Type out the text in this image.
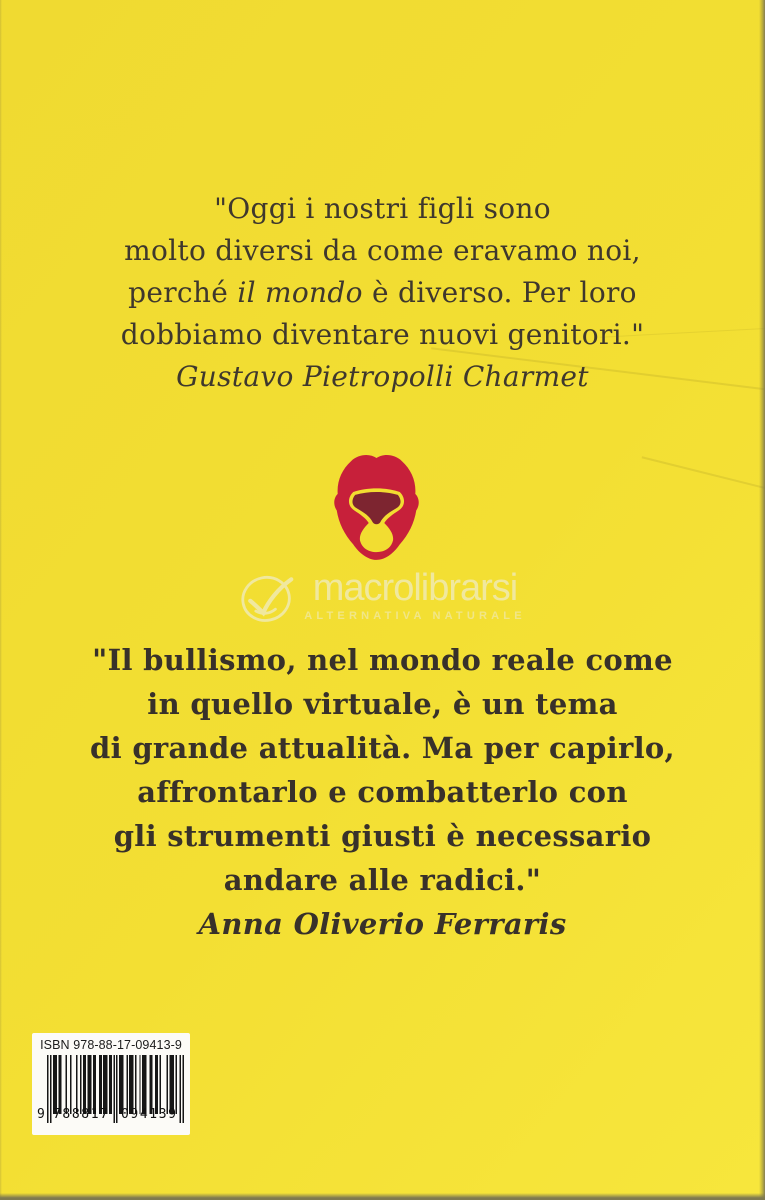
"Oggi i nostri figli sono
molto diversi da come eravamo noi,
perché il mondo è diverso. Per loro
dobbiamo diventare nuovi genitori."
Gustavo Pietropolli Charmet
macrolibrarsi
ALTERNATIVA NATURALE
"Il bullismo, nel mondo reale come
in quello virtuale, è un tema
di grande attualità. Ma per capirlo,
affrontarlo e combatterlo con
gli strumenti giusti è necessario
andare alle radici."
Anna Oliverio Ferraris
ISBN 978-88-17-09413-9
9 788817 094139
